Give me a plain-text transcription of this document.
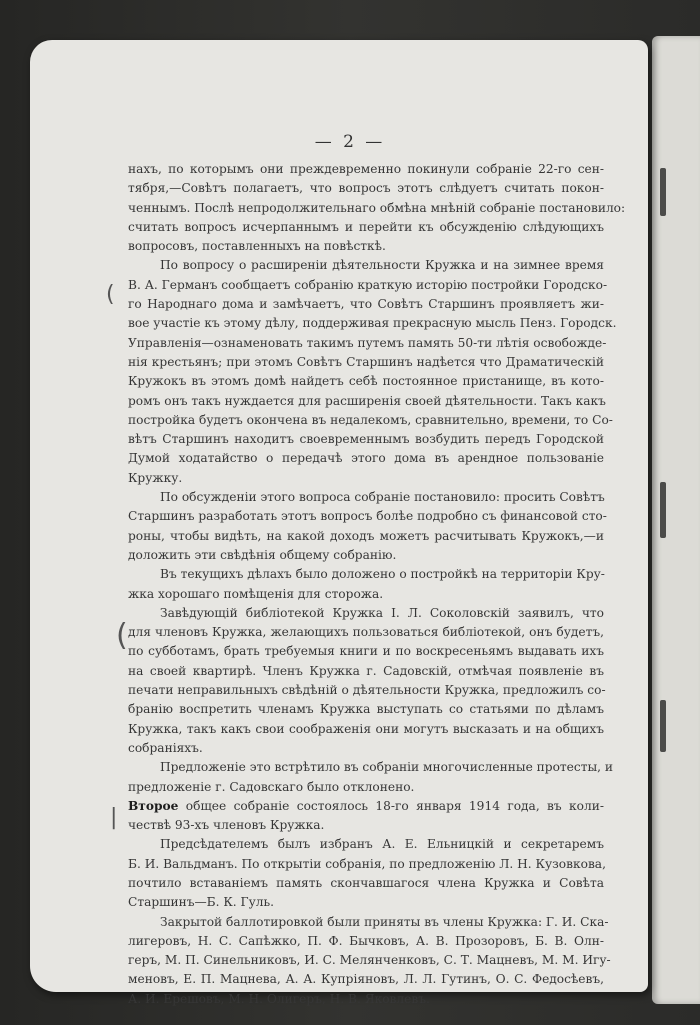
(
(
|
— 2 —

нахъ, по которымъ они преждевременно покинули собраніе 22-го сен-
тября,—Совѣтъ полагаетъ, что вопросъ этотъ слѣдуетъ считать покон-
ченнымъ. Послѣ непродолжительнаго обмѣна мнѣній собраніе постановило:
считать вопросъ исчерпаннымъ и перейти къ обсужденію слѣдующихъ
вопросовъ, поставленныхъ на повѣсткѣ.

По вопросу о расширеніи дѣятельности Кружка и на зимнее время
В. А. Германъ сообщаетъ собранію краткую исторію постройки Городско-
го Народнаго дома и замѣчаетъ, что Совѣтъ Старшинъ проявляетъ жи-
вое участіе къ этому дѣлу, поддерживая прекрасную мысль Пенз. Городск.
Управленія—ознаменовать такимъ путемъ память 50-ти лѣтія освобожде-
нія крестьянъ; при этомъ Совѣтъ Старшинъ надѣется что Драматическій
Кружокъ въ этомъ домѣ найдетъ себѣ постоянное пристанище, въ кото-
ромъ онъ такъ нуждается для расширенія своей дѣятельности. Такъ какъ
постройка будетъ окончена въ недалекомъ, сравнительно, времени, то Со-
вѣтъ Старшинъ находитъ своевременнымъ возбудить передъ Городской
Думой ходатайство о передачѣ этого дома въ арендное пользованіе
Кружку.

По обсужденіи этого вопроса собраніе постановило: просить Совѣтъ
Старшинъ разработать этотъ вопросъ болѣе подробно съ финансовой сто-
роны, чтобы видѣть, на какой доходъ можетъ расчитывать Кружокъ,—и
доложить эти свѣдѣнія общему собранію.

Въ текущихъ дѣлахъ было доложено о постройкѣ на территоріи Кру-
жка хорошаго помѣщенія для сторожа.

Завѣдующій библіотекой Кружка І. Л. Соколовскій заявилъ, что
для членовъ Кружка, желающихъ пользоваться библіотекой, онъ будетъ,
по субботамъ, брать требуемыя книги и по воскресеньямъ выдавать ихъ
на своей квартирѣ. Членъ Кружка г. Садовскій, отмѣчая появленіе въ
печати неправильныхъ свѣдѣній о дѣятельности Кружка, предложилъ со-
бранію воспретить членамъ Кружка выступать со статьями по дѣламъ
Кружка, такъ какъ свои соображенія они могутъ высказать и на общихъ
собраніяхъ.

Предложеніе это встрѣтило въ собраніи многочисленные протесты, и
предложеніе г. Садовскаго было отклонено.

Второе общее собраніе состоялось 18-го января 1914 года, въ коли-
чествѣ 93-хъ членовъ Кружка.

Предсѣдателемъ былъ избранъ А. Е. Ельницкій и секретаремъ
Б. И. Вальдманъ. По открытіи собранія, по предложенію Л. Н. Кузовкова,
почтило вставаніемъ память скончавшагося члена Кружка и Совѣта
Старшинъ—Б. К. Гуль.

Закрытой баллотировкой были приняты въ члены Кружка: Г. И. Ска-
лигеровъ, Н. С. Сапѣжко, П. Ф. Бычковъ, А. В. Прозоровъ, Б. В. Олн-
геръ, М. П. Синельниковъ, И. С. Мелянченковъ, С. Т. Мацневъ, М. М. Игу-
меновъ, Е. П. Мацнева, А. А. Купріяновъ, Л. Л. Гутинъ, О. С. Федосѣевъ,
А. И. Ерешовъ, М. Н. Олигеръ, Н. В. Яковлевъ.
